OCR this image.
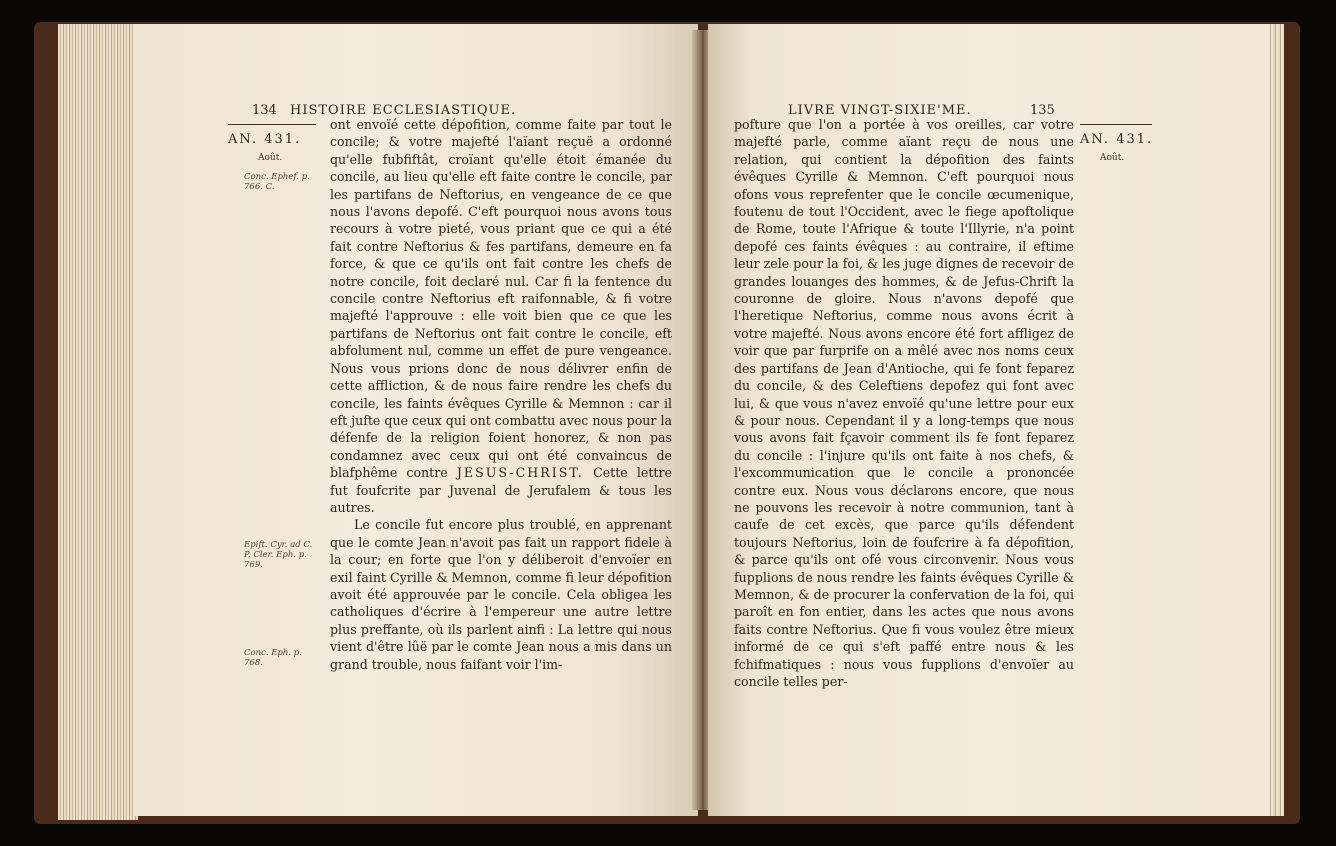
134 HISTOIRE ECCLESIASTIQUE.
AN. 431.
Août.
Conc. Ephef. p. 766. C.
Epift. Cyr. ad C. P. Cler. Eph. p. 769.
Conc. Eph. p. 768.

ont envoïé cette dépofition, comme faite par tout le concile; & votre majefté l'aïant reçuë a ordonné qu'elle fubfiftât, croïant qu'elle étoit émanée du concile, au lieu qu'elle eft faite contre le concile, par les partifans de Neftorius, en vengeance de ce que nous l'avons depofé. C'eft pourquoi nous avons tous recours à votre pieté, vous priant que ce qui a été fait contre Neftorius & fes partifans, demeure en fa force, & que ce qu'ils ont fait contre les chefs de notre concile, foit declaré nul. Car fi la fentence du concile contre Neftorius eft raifonnable, & fi votre majefté l'approuve : elle voit bien que ce que les partifans de Neftorius ont fait contre le concile, eft abfolument nul, comme un effet de pure vengeance. Nous vous prions donc de nous délivrer enfin de cette affliction, & de nous faire rendre les chefs du concile, les faints évêques Cyrille & Memnon : car il eft jufte que ceux qui ont combattu avec nous pour la défenfe de la religion foient honorez, & non pas condamnez avec ceux qui ont été convaincus de blafphême contre JESUS-CHRIST. Cette lettre fut foufcrite par Juvenal de Jerufalem & tous les autres.

Le concile fut encore plus troublé, en apprenant que le comte Jean n'avoit pas fait un rapport fidele à la cour; en forte que l'on y déliberoit d'envoïer en exil faint Cyrille & Memnon, comme fi leur dépofition avoit été approuvée par le concile. Cela obligea les catholiques d'écrire à l'empereur une autre lettre plus preffante, où ils parlent ainfi : La lettre qui nous vient d'être lûë par le comte Jean nous a mis dans un grand trouble, nous faifant voir l'im-

LIVRE VINGT-SIXIE'ME.	135
AN. 431.
Août.

pofture que l'on a portée à vos oreilles, car votre majefté parle, comme aïant reçu de nous une relation, qui contient la dépofition des faints évêques Cyrille & Memnon. C'eft pourquoi nous ofons vous reprefenter que le concile œcumenique, foutenu de tout l'Occident, avec le fiege apoftolique de Rome, toute l'Afrique & toute l'Illyrie, n'a point depofé ces faints évêques : au contraire, il eftime leur zele pour la foi, & les juge dignes de recevoir de grandes louanges des hommes, & de Jefus-Chrift la couronne de gloire. Nous n'avons depofé que l'heretique Neftorius, comme nous avons écrit à votre majefté. Nous avons encore été fort affligez de voir que par furprife on a mêlé avec nos noms ceux des partifans de Jean d'Antioche, qui fe font feparez du concile, & des Celeftiens depofez qui font avec lui, & que vous n'avez envoïé qu'une lettre pour eux & pour nous. Cependant il y a long-temps que nous vous avons fait fçavoir comment ils fe font feparez du concile : l'injure qu'ils ont faite à nos chefs, & l'excommunication que le concile a prononcée contre eux. Nous vous déclarons encore, que nous ne pouvons les recevoir à notre communion, tant à caufe de cet excès, que parce qu'ils défendent toujours Neftorius, loin de foufcrire à fa dépofition, & parce qu'ils ont ofé vous circonvenir. Nous vous fupplions de nous rendre les faints évêques Cyrille & Memnon, & de procurer la confervation de la foi, qui paroît en fon entier, dans les actes que nous avons faits contre Neftorius. Que fi vous voulez être mieux informé de ce qui s'eft paffé entre nous & les fchifmatiques : nous vous fupplions d'envoïer au concile telles per-
